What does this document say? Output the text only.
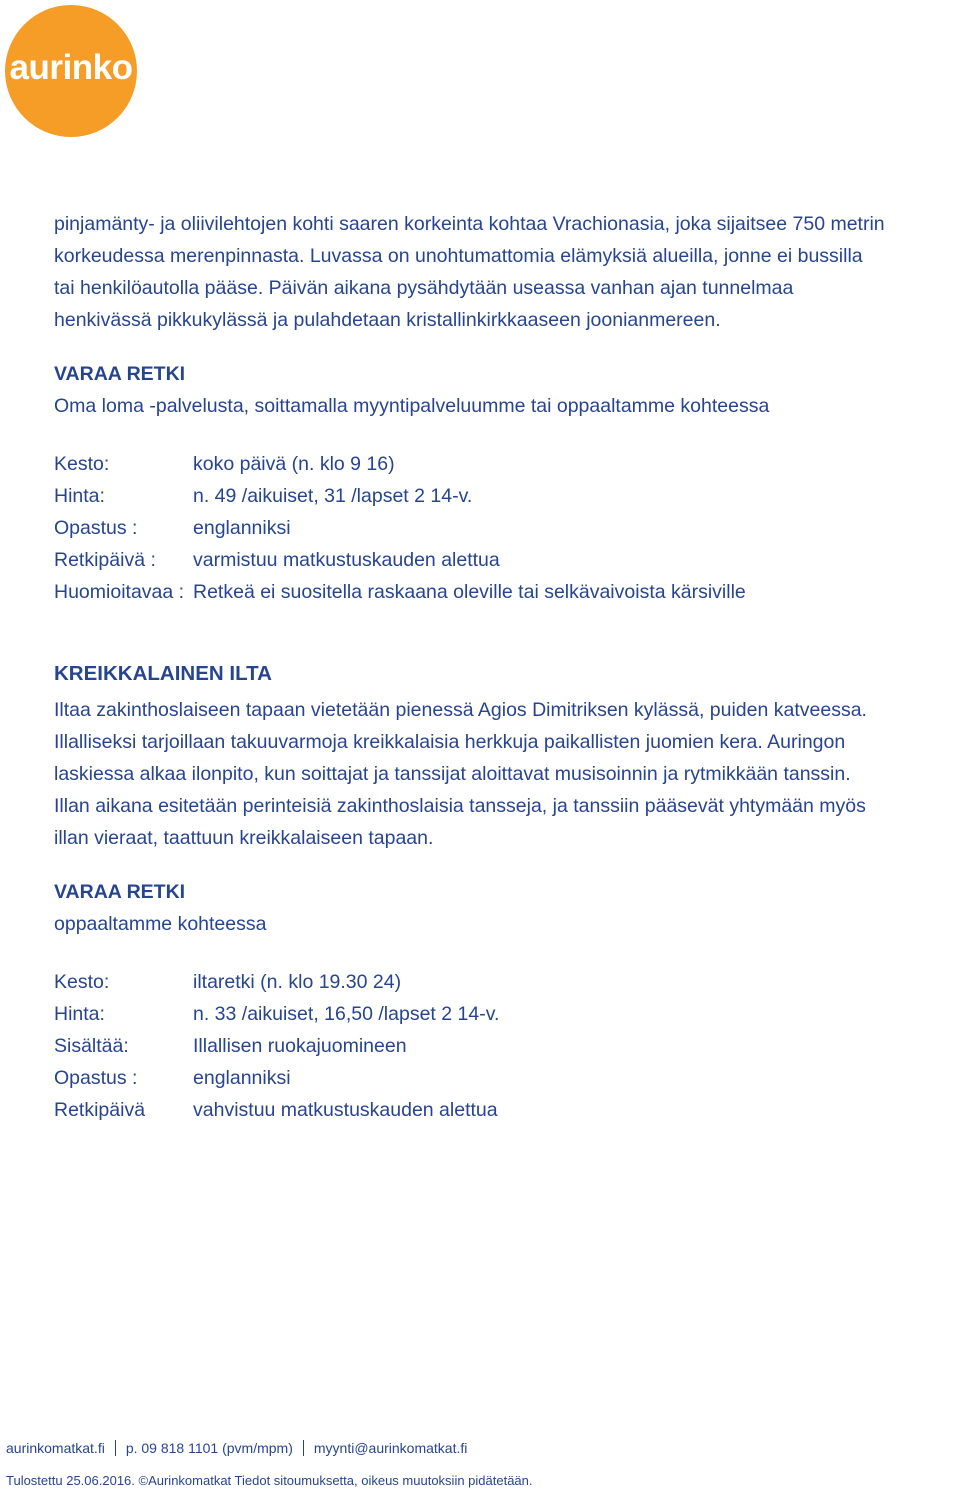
aurinko

pinjamänty- ja oliivilehtojen kohti saaren korkeinta kohtaa Vrachionasia, joka sijaitsee 750 metrin

korkeudessa merenpinnasta. Luvassa on unohtumattomia elämyksiä alueilla, jonne ei bussilla

tai henkilöautolla pääse. Päivän aikana pysähdytään useassa vanhan ajan tunnelmaa

henkivässä pikkukylässä ja pulahdetaan kristallinkirkkaaseen joonianmereen.

VARAA RETKI

Oma loma -palvelusta, soittamalla myyntipalveluumme tai oppaaltamme kohteessa

Kesto:	koko päivä (n. klo 9 16)
Hinta:	n. 49 /aikuiset, 31 /lapset 2 14-v.
Opastus :	englanniksi
Retkipäivä :	varmistuu matkustuskauden alettua
Huomioitavaa : Retkeä ei suositella raskaana oleville tai selkävaivoista kärsiville

KREIKKALAINEN ILTA

Iltaa zakinthoslaiseen tapaan vietetään pienessä Agios Dimitriksen kylässä, puiden katveessa.

Illalliseksi tarjoillaan takuuvarmoja kreikkalaisia herkkuja paikallisten juomien kera. Auringon

laskiessa alkaa ilonpito, kun soittajat ja tanssijat aloittavat musisoinnin ja rytmikkään tanssin.

Illan aikana esitetään perinteisiä zakinthoslaisia tansseja, ja tanssiin pääsevät yhtymään myös

illan vieraat, taattuun kreikkalaiseen tapaan.

VARAA RETKI

oppaaltamme kohteessa

Kesto:	iltaretki (n. klo 19.30 24)
Hinta:	n. 33 /aikuiset, 16,50 /lapset 2 14-v.
Sisältää:	Illallisen ruokajuomineen
Opastus :	englanniksi
Retkipäivä	vahvistuu matkustuskauden alettua
aurinkomatkat.fi p. 09 818 1101 (pvm/mpm) myynti@aurinkomatkat.fi
Tulostettu 25.06.2016. ©Aurinkomatkat Tiedot sitoumuksetta, oikeus muutoksiin pidätetään.
